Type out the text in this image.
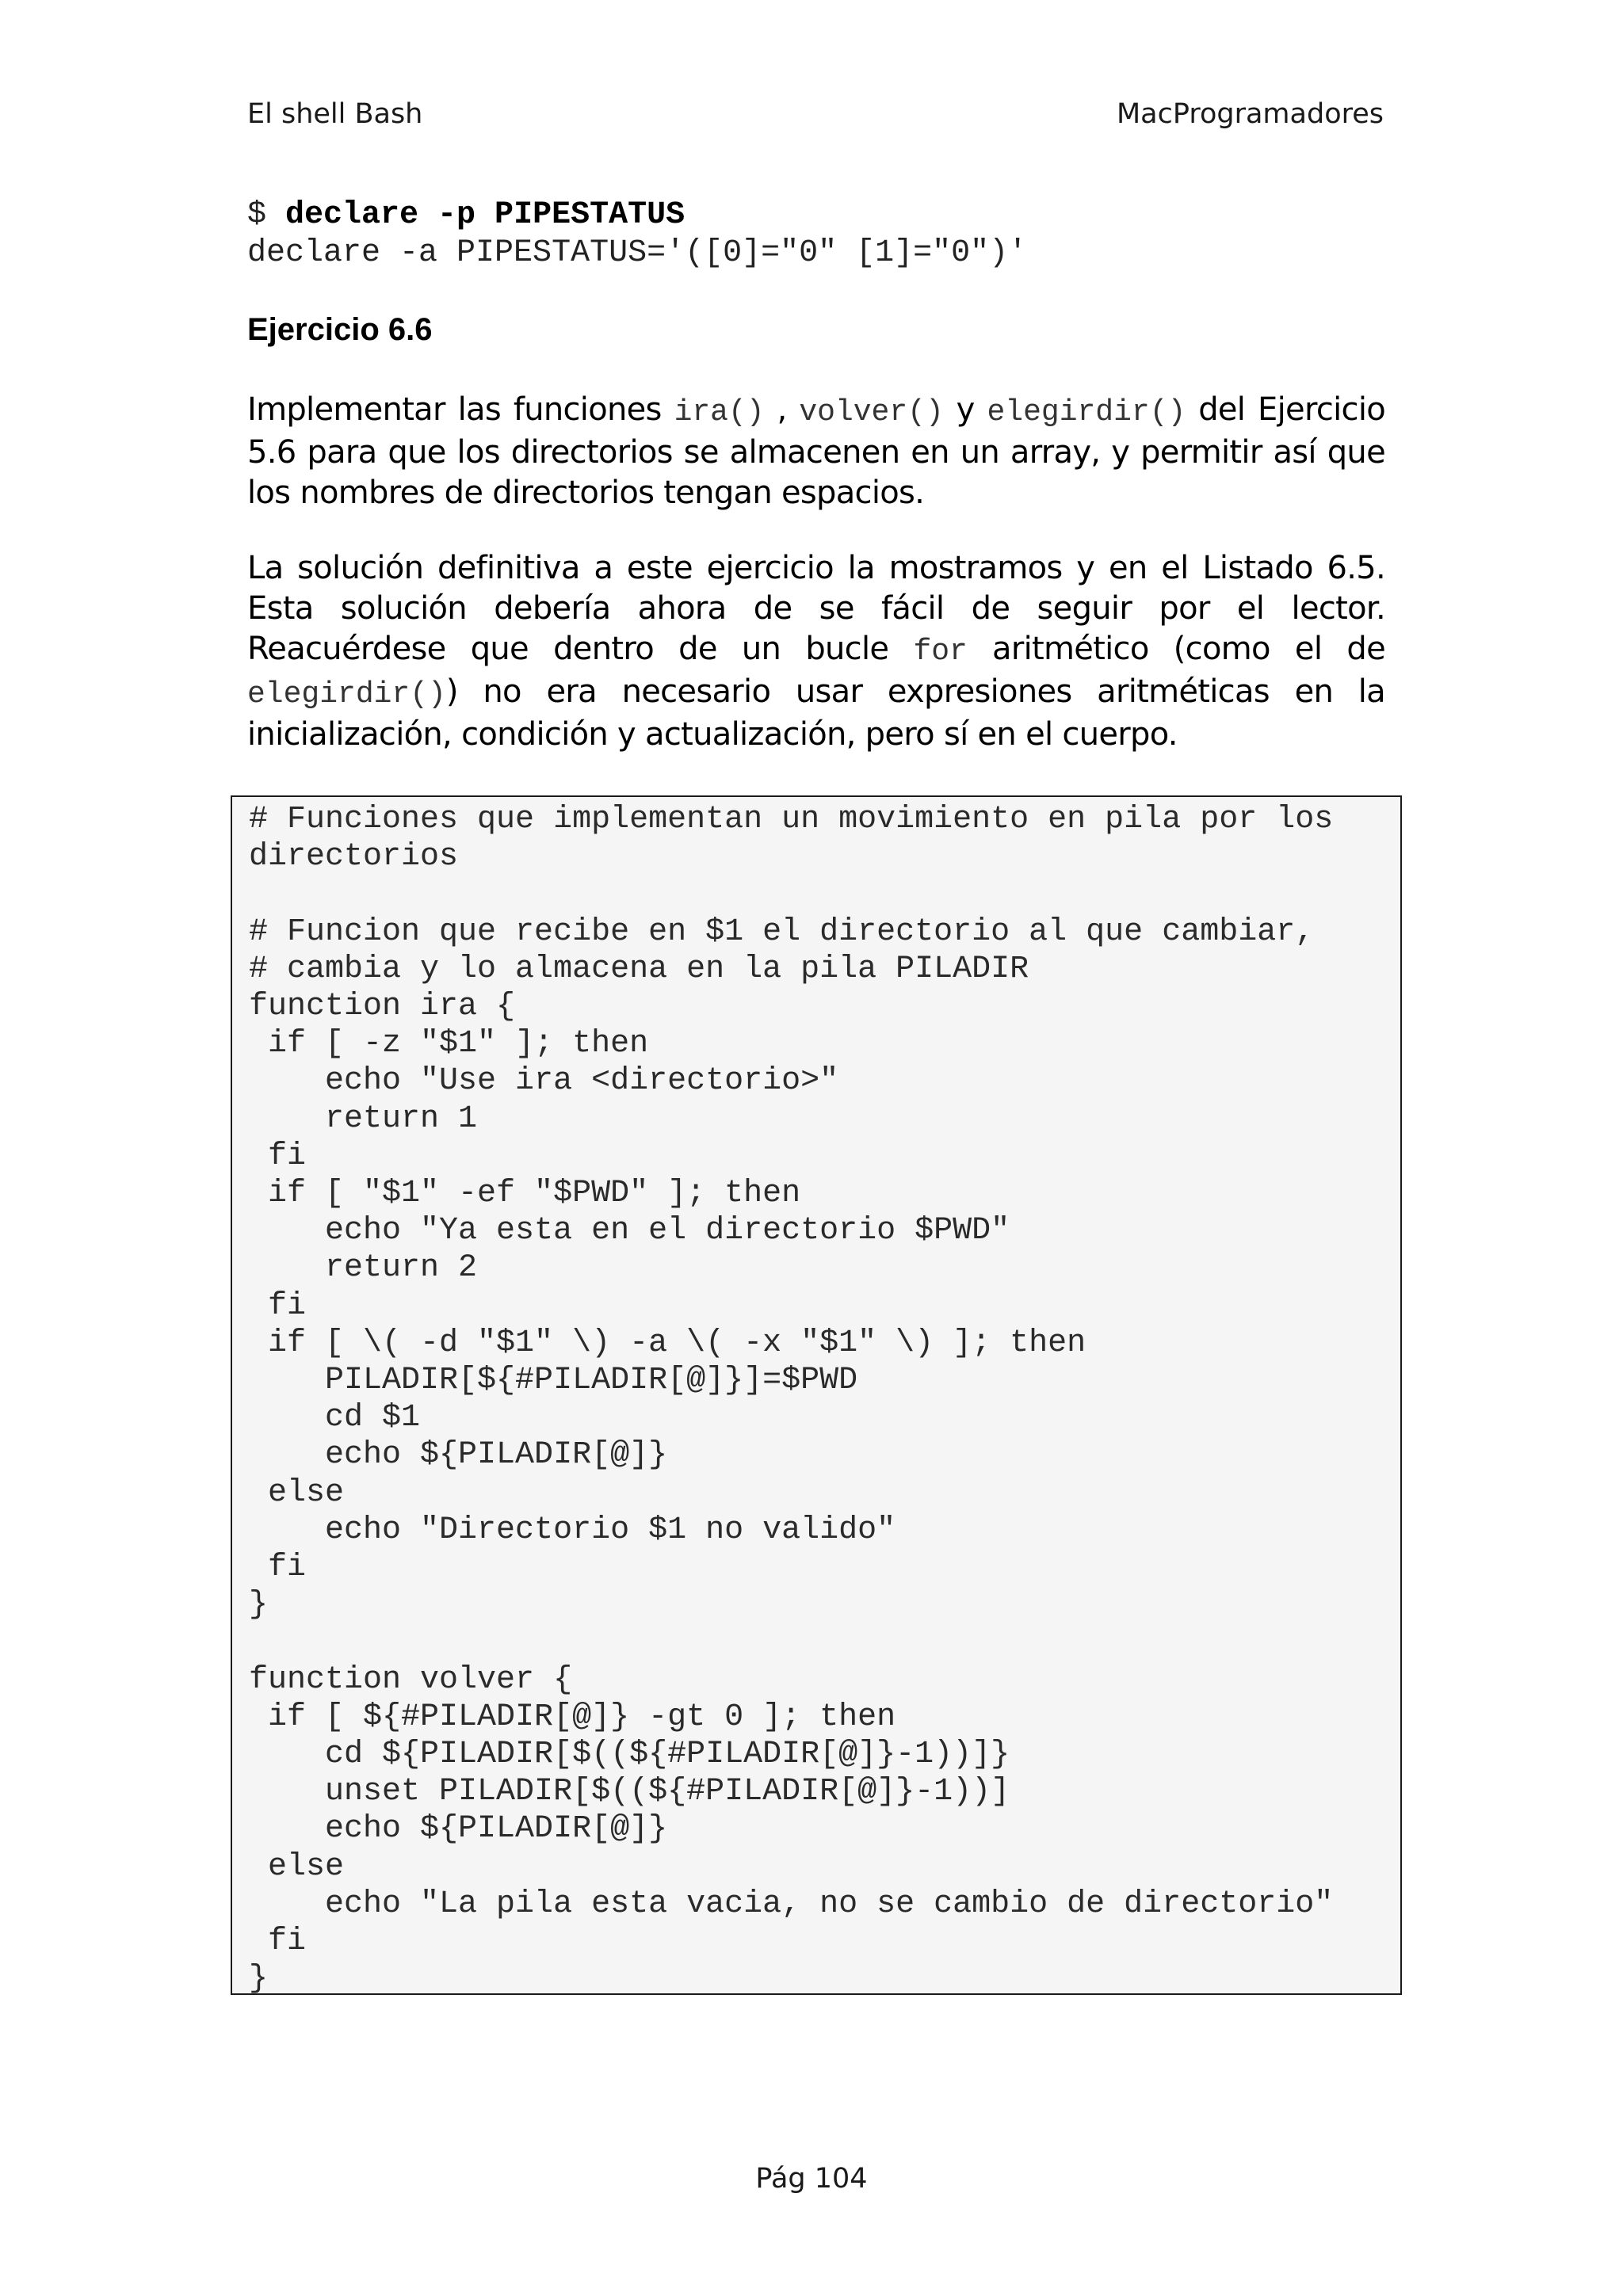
El shell Bash	MacProgramadores
$ declare -p PIPESTATUS
declare -a PIPESTATUS='([0]="0" [1]="0")'
Ejercicio 6.6
Implementar las funciones ira() , volver() y elegirdir() del Ejercicio 5.6 para que los directorios se almacenen en un array, y permitir así que los nombres de directorios tengan espacios.
La solución definitiva a este ejercicio la mostramos y en el Listado 6.5. Esta solución debería ahora de se fácil de seguir por el lector. Reacuérdese que dentro de un bucle for aritmético (como el de elegirdir()) no era necesario usar expresiones aritméticas en la inicialización, condición y actualización, pero sí en el cuerpo.
# Funciones que implementan un movimiento en pila por los
directorios

# Funcion que recibe en $1 el directorio al que cambiar,
# cambia y lo almacena en la pila PILADIR
function ira {
if [ -z "$1" ]; then
echo "Use ira <directorio>"
return 1
fi
if [ "$1" -ef "$PWD" ]; then
echo "Ya esta en el directorio $PWD"
return 2
fi
if [ \( -d "$1" \) -a \( -x "$1" \) ]; then
PILADIR[${#PILADIR[@]}]=$PWD
cd $1
echo ${PILADIR[@]}
else
echo "Directorio $1 no valido"
fi
}

function volver {
if [ ${#PILADIR[@]} -gt 0 ]; then
cd ${PILADIR[$((${#PILADIR[@]}-1))]}
unset PILADIR[$((${#PILADIR[@]}-1))]
echo ${PILADIR[@]}
else
echo "La pila esta vacia, no se cambio de directorio"
fi
}
Pág 104
